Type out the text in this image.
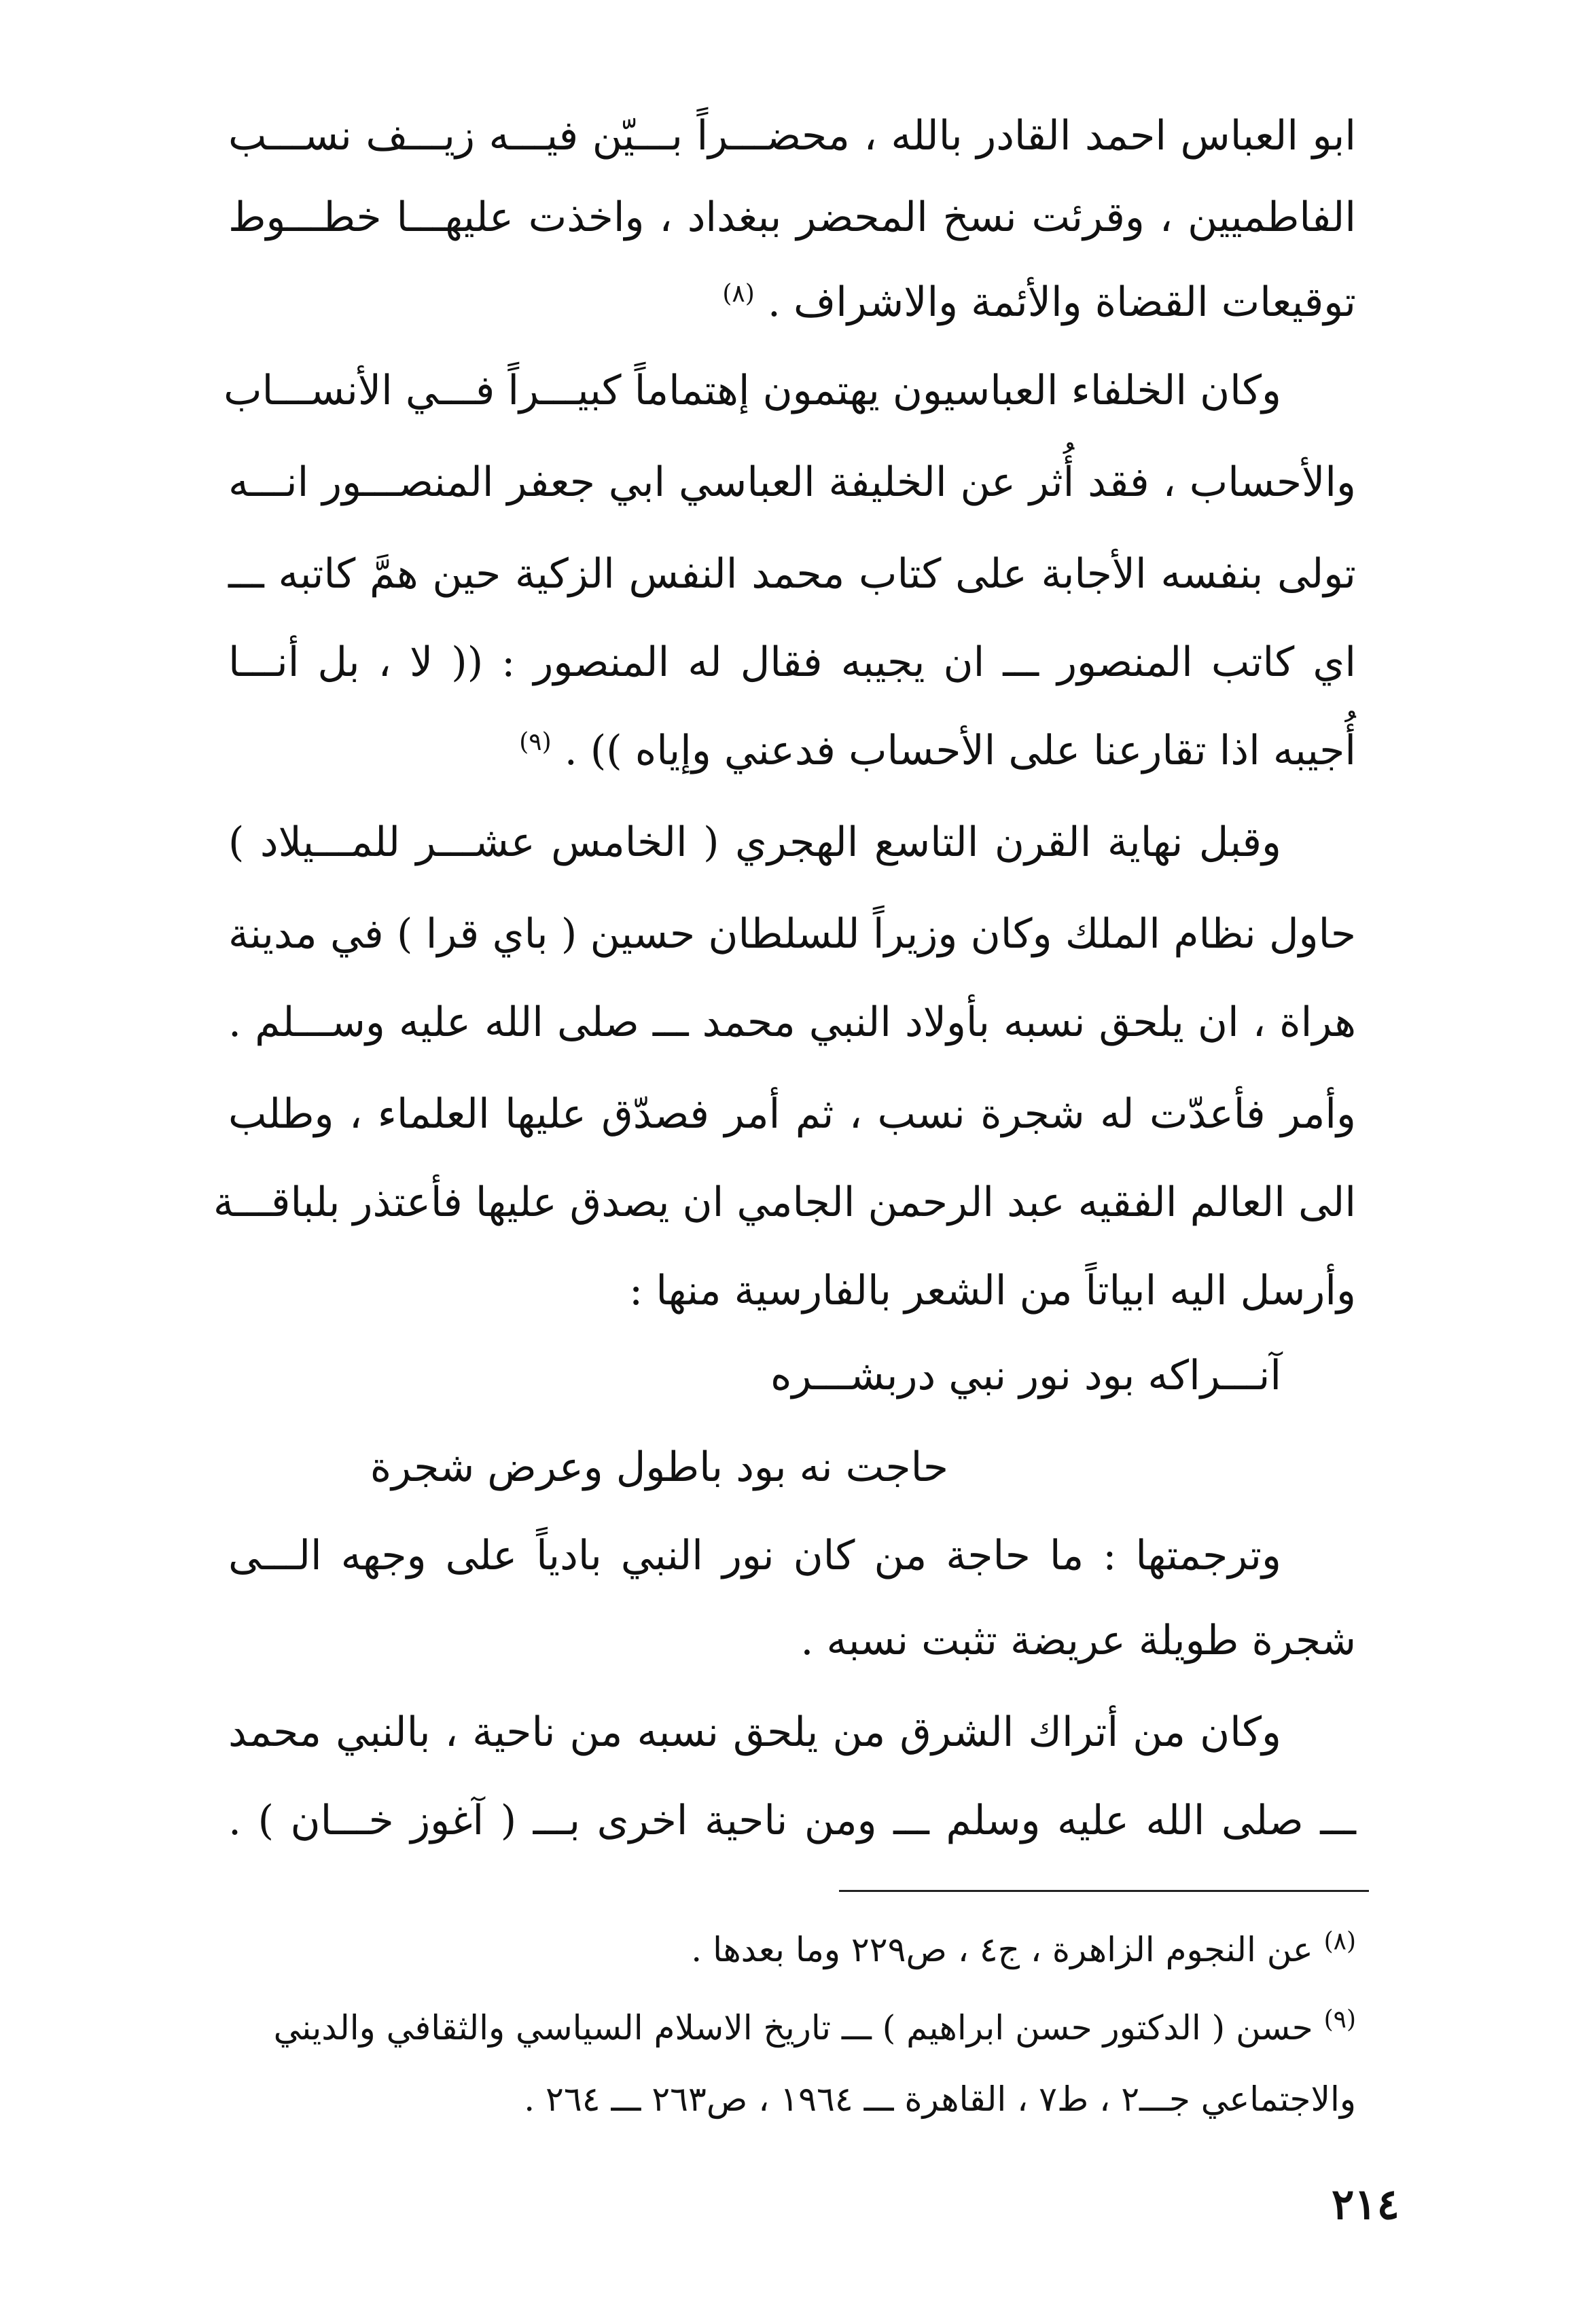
ابو العباس احمد القادر بالله ، محضـــراً بـــيّن فيـــه زيـــف نســـب
الفاطميين ، وقرئت نسخ المحضر ببغداد ، واخذت عليهـــا خطـــوط
توقيعات القضاة والأئمة والاشراف . $^{(٨)}$
وكان الخلفاء العباسيون يهتمون إهتماماً كبيـــراً فـــي الأنســـاب
والأحساب ، فقد أُثر عن الخليفة العباسي ابي جعفر المنصـــور انـــه
تولى بنفسه الأجابة على كتاب محمد النفس الزكية حين همَّ كاتبه ـــ
اي كاتب المنصور ـــ ان يجيبه فقال له المنصور : (( لا ، بل أنـــا
أُجيبه اذا تقارعنا على الأحساب فدعني وإياه )) . $^{(٩)}$
وقبل نهاية القرن التاسع الهجري ( الخامس عشـــر للمـــيلاد )
حاول نظام الملك وكان وزيراً للسلطان حسين ( باي قرا ) في مدينة
هراة ، ان يلحق نسبه بأولاد النبي محمد ـــ صلى الله عليه وســـلم .
وأمر فأعدّت له شجرة نسب ، ثم أمر فصدّق عليها العلماء ، وطلب
الى العالم الفقيه عبد الرحمن الجامي ان يصدق عليها فأعتذر بلباقـــة
وأرسل اليه ابياتاً من الشعر بالفارسية منها :
آنـــراكه بود نور نبي دربشـــره
حاجت نه بود باطول وعرض شجرة
وترجمتها : ما حاجة من كان نور النبي بادياً على وجهه الـــى
شجرة طويلة عريضة تثبت نسبه .
وكان من أتراك الشرق من يلحق نسبه من ناحية ، بالنبي محمد
ـــ صلى الله عليه وسلم ـــ ومن ناحية اخرى بـــ ( آغوز خـــان ) .
$^{(٨)}$ عن النجوم الزاهرة ، ج٤ ، ص٢٢٩ وما بعدها .
$^{(٩)}$ حسن ( الدكتور حسن ابراهيم ) ـــ تاريخ الاسلام السياسي والثقافي والديني
والاجتماعي جـــ٢ ، ط٧ ، القاهرة ـــ ١٩٦٤ ، ص٢٦٣ ـــ ٢٦٤ .
٢١٤
